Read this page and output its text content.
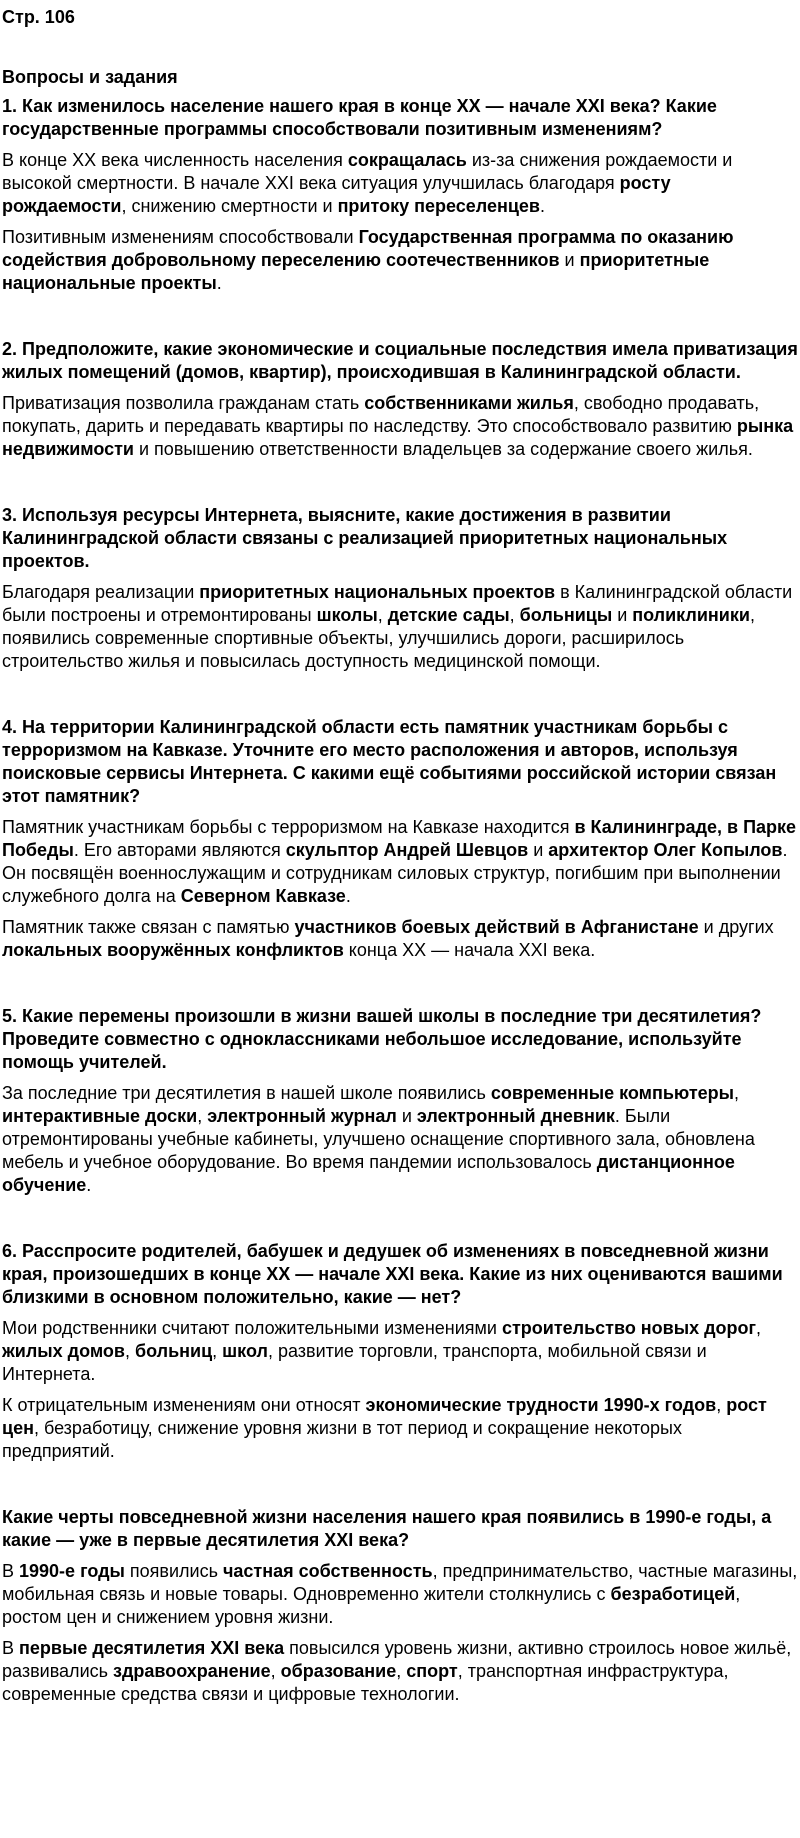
Стр. 106
Вопросы и задания
1. Как изменилось население нашего края в конце XX — начале XXI века? Какие государственные программы способствовали позитивным изменениям?

В конце XX века численность населения сокращалась из-за снижения рождаемости и высокой смертности. В начале XXI века ситуация улучшилась благодаря росту рождаемости, снижению смертности и притоку переселенцев.

Позитивным изменениям способствовали Государственная программа по оказанию содействия добровольному переселению соотечественников и приоритетные национальные проекты.

2. Предположите, какие экономические и социальные последствия имела приватизация жилых помещений (домов, квартир), происходившая в Калининградской области.

Приватизация позволила гражданам стать собственниками жилья, свободно продавать, покупать, дарить и передавать квартиры по наследству. Это способствовало развитию рынка недвижимости и повышению ответственности владельцев за содержание своего жилья.

3. Используя ресурсы Интернета, выясните, какие достижения в развитии Калининградской области связаны с реализацией приоритетных национальных проектов.

Благодаря реализации приоритетных национальных проектов в Калининградской области были построены и отремонтированы школы, детские сады, больницы и поликлиники, появились современные спортивные объекты, улучшились дороги, расширилось строительство жилья и повысилась доступность медицинской помощи.

4. На территории Калининградской области есть памятник участникам борьбы с терроризмом на Кавказе. Уточните его место расположения и авторов, используя поисковые сервисы Интернета. С какими ещё событиями российской истории связан этот памятник?

Памятник участникам борьбы с терроризмом на Кавказе находится в Калининграде, в Парке Победы. Его авторами являются скульптор Андрей Шевцов и архитектор Олег Копылов. Он посвящён военнослужащим и сотрудникам силовых структур, погибшим при выполнении служебного долга на Северном Кавказе.

Памятник также связан с памятью участников боевых действий в Афганистане и других локальных вооружённых конфликтов конца XX — начала XXI века.

5. Какие перемены произошли в жизни вашей школы в последние три десятилетия? Проведите совместно с одноклассниками небольшое исследование, используйте помощь учителей.

За последние три десятилетия в нашей школе появились современные компьютеры, интерактивные доски, электронный журнал и электронный дневник. Были отремонтированы учебные кабинеты, улучшено оснащение спортивного зала, обновлена мебель и учебное оборудование. Во время пандемии использовалось дистанционное обучение.

6. Расспросите родителей, бабушек и дедушек об изменениях в повседневной жизни края, произошедших в конце XX — начале XXI века. Какие из них оцениваются вашими близкими в основном положительно, какие — нет?

Мои родственники считают положительными изменениями строительство новых дорог, жилых домов, больниц, школ, развитие торговли, транспорта, мобильной связи и Интернета.

К отрицательным изменениям они относят экономические трудности 1990-х годов, рост цен, безработицу, снижение уровня жизни в тот период и сокращение некоторых предприятий.

Какие черты повседневной жизни населения нашего края появились в 1990-е годы, а какие — уже в первые десятилетия XXI века?

В 1990-е годы появились частная собственность, предпринимательство, частные магазины, мобильная связь и новые товары. Одновременно жители столкнулись с безработицей, ростом цен и снижением уровня жизни.

В первые десятилетия XXI века повысился уровень жизни, активно строилось новое жильё, развивались здравоохранение, образование, спорт, транспортная инфраструктура, современные средства связи и цифровые технологии.
